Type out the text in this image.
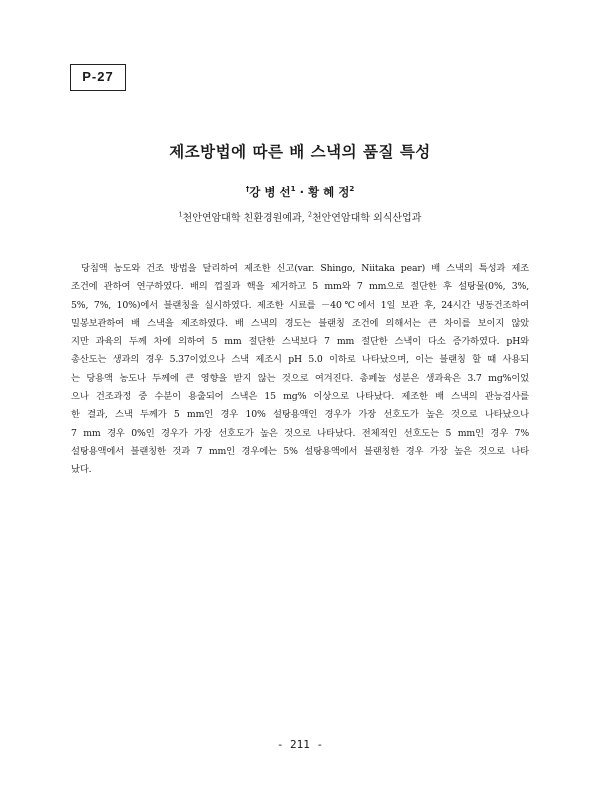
P-27
제조방법에 따른 배 스낵의 품질 특성
†강 병 선$^1$ · 황 혜 정$^2$
$^1$천안연암대학 친환경원예과, $^2$천안연암대학 외식산업과
당침액 농도와 건조 방법을 달리하여 제조한 신고(var. Shingo, Niitaka pear) 배 스낵의 특성과 제조
조건에 관하여 연구하였다. 배의 껍질과 핵을 제거하고 5 mm와 7 mm으로 절단한 후 설탕물(0%, 3%,
5%, 7%, 10%)에서 블랜칭을 실시하였다. 제조한 시료를 －40℃에서 1일 보관 후, 24시간 냉동건조하여
밀봉보관하여 배 스낵을 제조하였다. 배 스낵의 경도는 블랜칭 조건에 의해서는 큰 차이를 보이지 않았
지만 과육의 두께 차에 의하여 5 mm 절단한 스낵보다 7 mm 절단한 스낵이 다소 증가하였다. pH와
총산도는 생과의 경우 5.37이었으나 스낵 제조시 pH 5.0 이하로 나타났으며, 이는 블랜칭 할 때 사용되
는 당용액 농도나 두께에 큰 영향을 받지 않는 것으로 여겨진다. 총페놀 성분은 생과육은 3.7 mg%이었
으나 건조과정 중 수분이 용출되어 스낵은 15 mg% 이상으로 나타났다. 제조한 배 스낵의 관능검사를
한 결과, 스낵 두께가 5 mm인 경우 10% 설탕용액인 경우가 가장 선호도가 높은 것으로 나타났으나
7 mm 경우 0%인 경우가 가장 선호도가 높은 것으로 나타났다. 전체적인 선호도는 5 mm인 경우 7%
설탕용액에서 블랜칭한 것과 7 mm인 경우에는 5% 설탕용액에서 블랜칭한 경우 가장 높은 것으로 나타
났다.
- 211 -
